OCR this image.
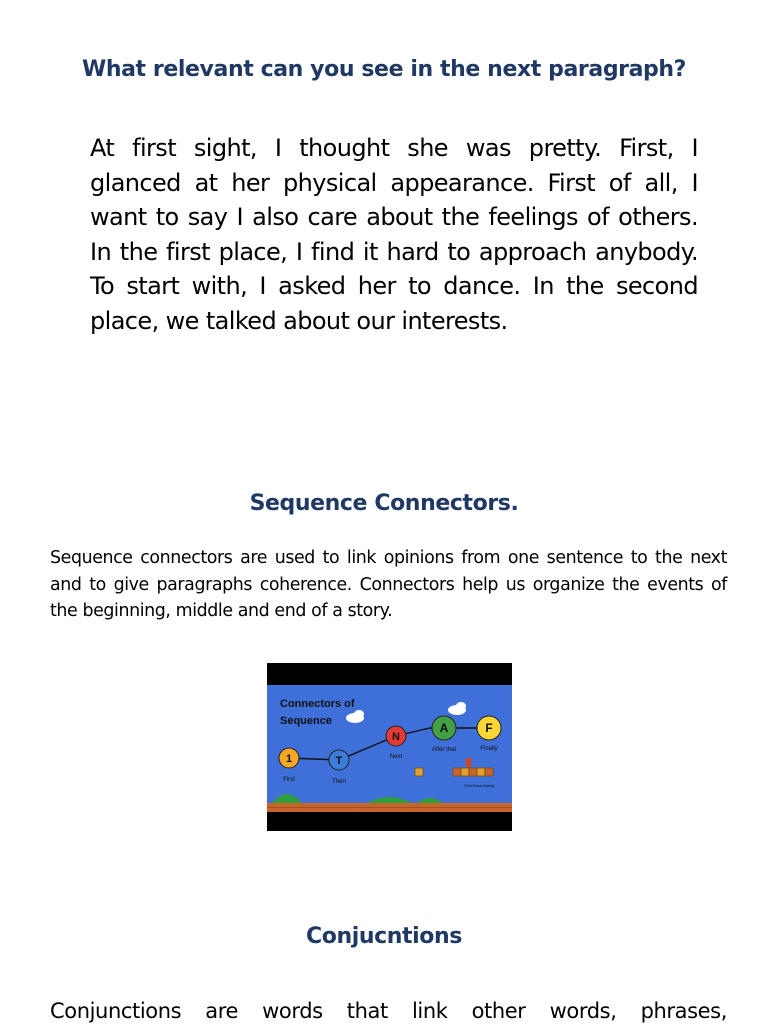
What relevant can you see in the next paragraph?

At first sight, I thought she was pretty. First, I glanced at her physical appearance. First of all, I want to say I also care about the feelings of others. In the first place, I find it hard to approach anybody. To start with, I asked her to dance. In the second place, we talked about our interests.

Sequence Connectors.

Sequence connectors are used to link opinions from one sentence to the next and to give paragraphs coherence. Connectors help us organize the events of the beginning, middle and end of a story.

Connectors of
Sequence
1
First
T
Then
N
Next
A
After that
F
Finally
Third Grade Activity
Conjucntions

Conjunctions are words that link other words, phrases,
